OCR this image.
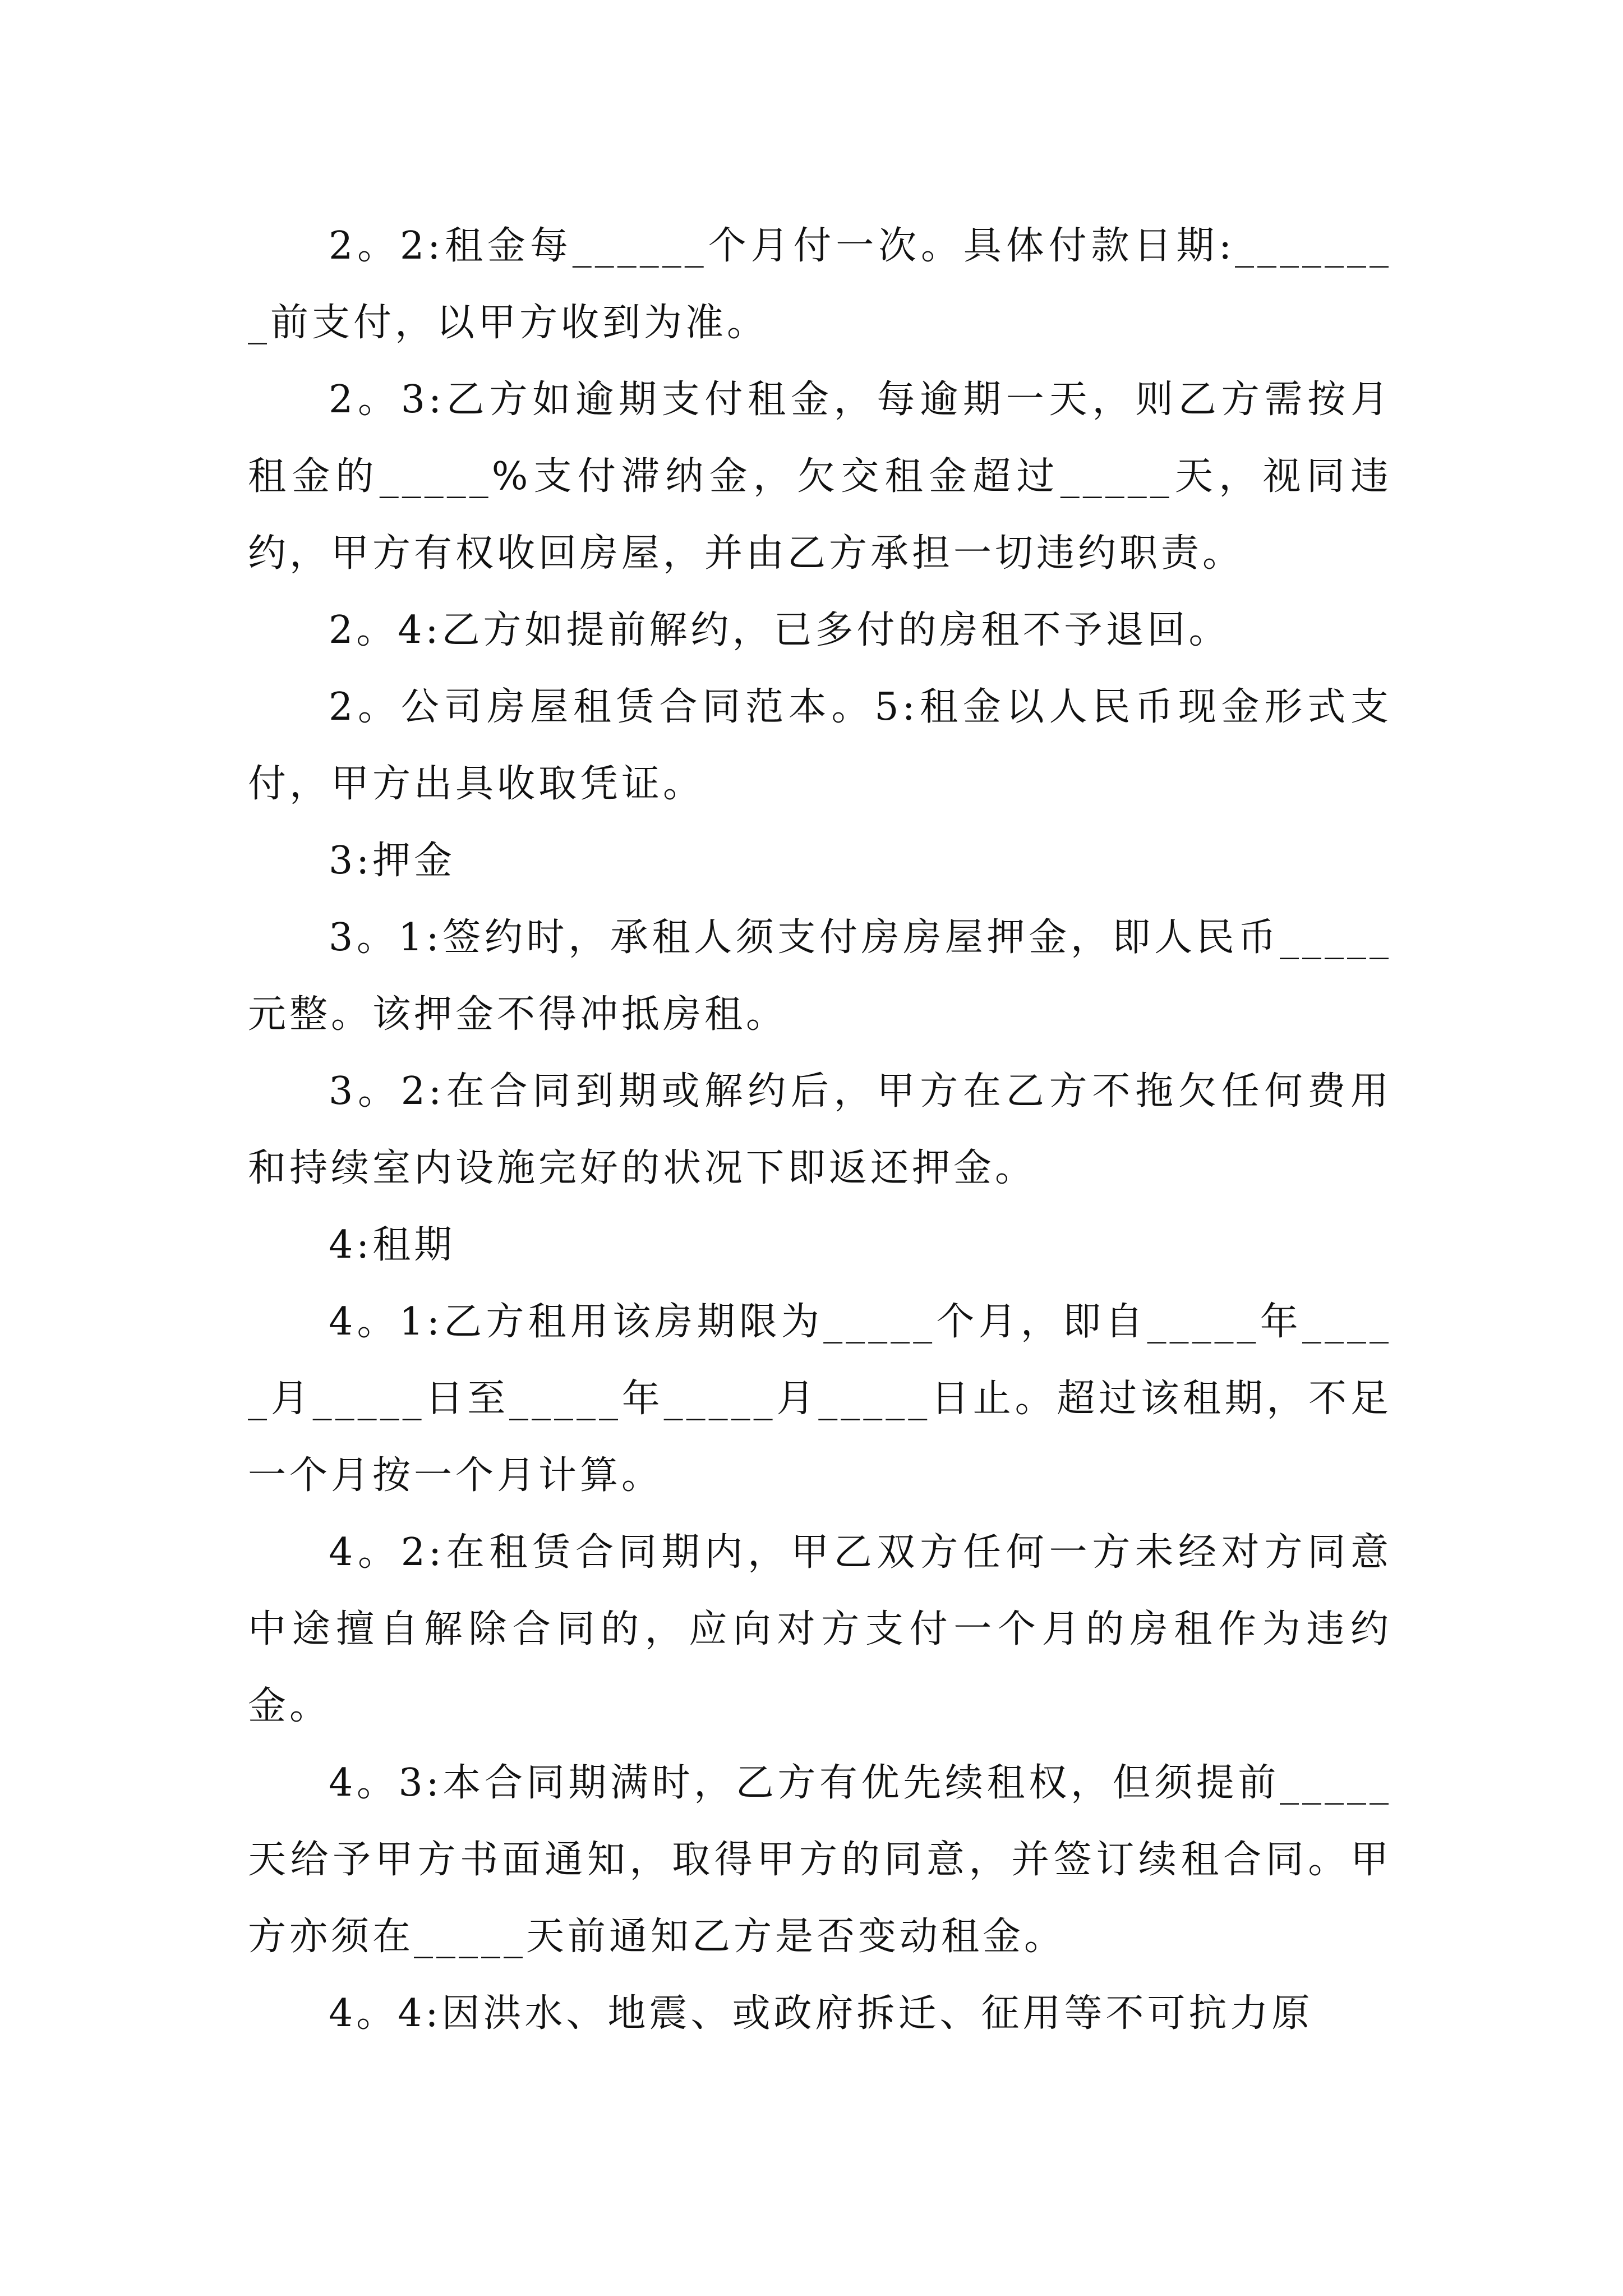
2。2:租金每______个月付一次。具体付款日期:________前支付，以甲方收到为准。

2。3:乙方如逾期支付租金，每逾期一天，则乙方需按月租金的_____%支付滞纳金，欠交租金超过_____天，视同违约，甲方有权收回房屋，并由乙方承担一切违约职责。

2。4:乙方如提前解约，已多付的房租不予退回。

2。公司房屋租赁合同范本。5:租金以人民币现金形式支付，甲方出具收取凭证。

3:押金

3。1:签约时，承租人须支付房房屋押金，即人民币_____元整。该押金不得冲抵房租。

3。2:在合同到期或解约后，甲方在乙方不拖欠任何费用和持续室内设施完好的状况下即返还押金。

4:租期

4。1:乙方租用该房期限为_____个月，即自_____年_____月_____日至_____年_____月_____日止。超过该租期，不足一个月按一个月计算。

4。2:在租赁合同期内，甲乙双方任何一方未经对方同意中途擅自解除合同的，应向对方支付一个月的房租作为违约金。

4。3:本合同期满时，乙方有优先续租权，但须提前_____天给予甲方书面通知，取得甲方的同意，并签订续租合同。甲方亦须在_____天前通知乙方是否变动租金。

4。4:因洪水、地震、或政府拆迁、征用等不可抗力原
